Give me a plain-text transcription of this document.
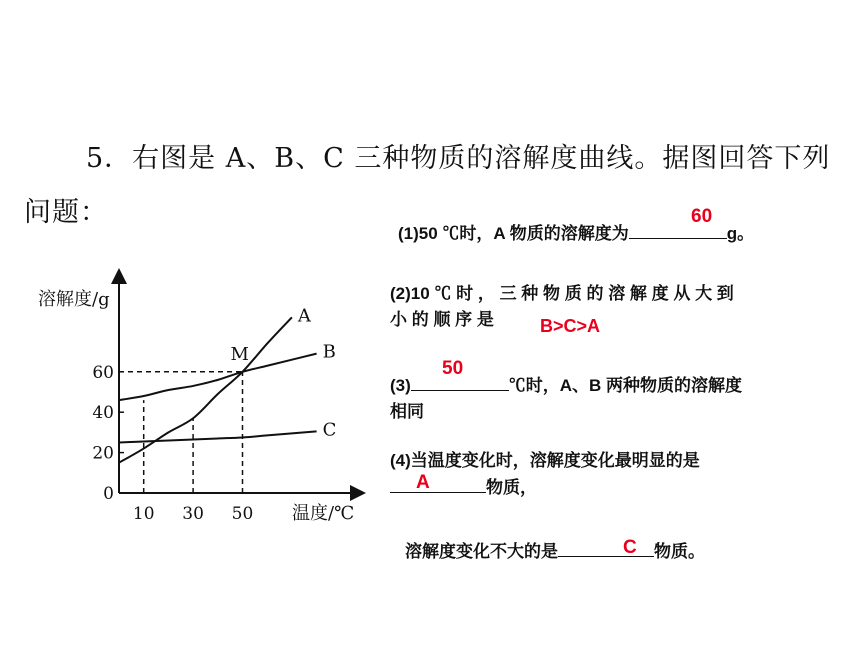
5．右图是 A、B、C 三种物质的溶解度曲线。据图回答下列
问题：	60
(1)50 ℃时，A 物质的溶解度为	g。
(2)10 ℃ 时 ， 三 种 物 质 的 溶 解 度 从 大 到
小 的 顺 序 是	B>C>A
50
(3)	℃时，A、B 两种物质的溶解度
相同
(4)当温度变化时，溶解度变化最明显的是
A	物质，
溶解度变化不大的是	物质。
C
溶解度/g
温度/℃
0
20
40
60
10 30 50
A
B
C
M
